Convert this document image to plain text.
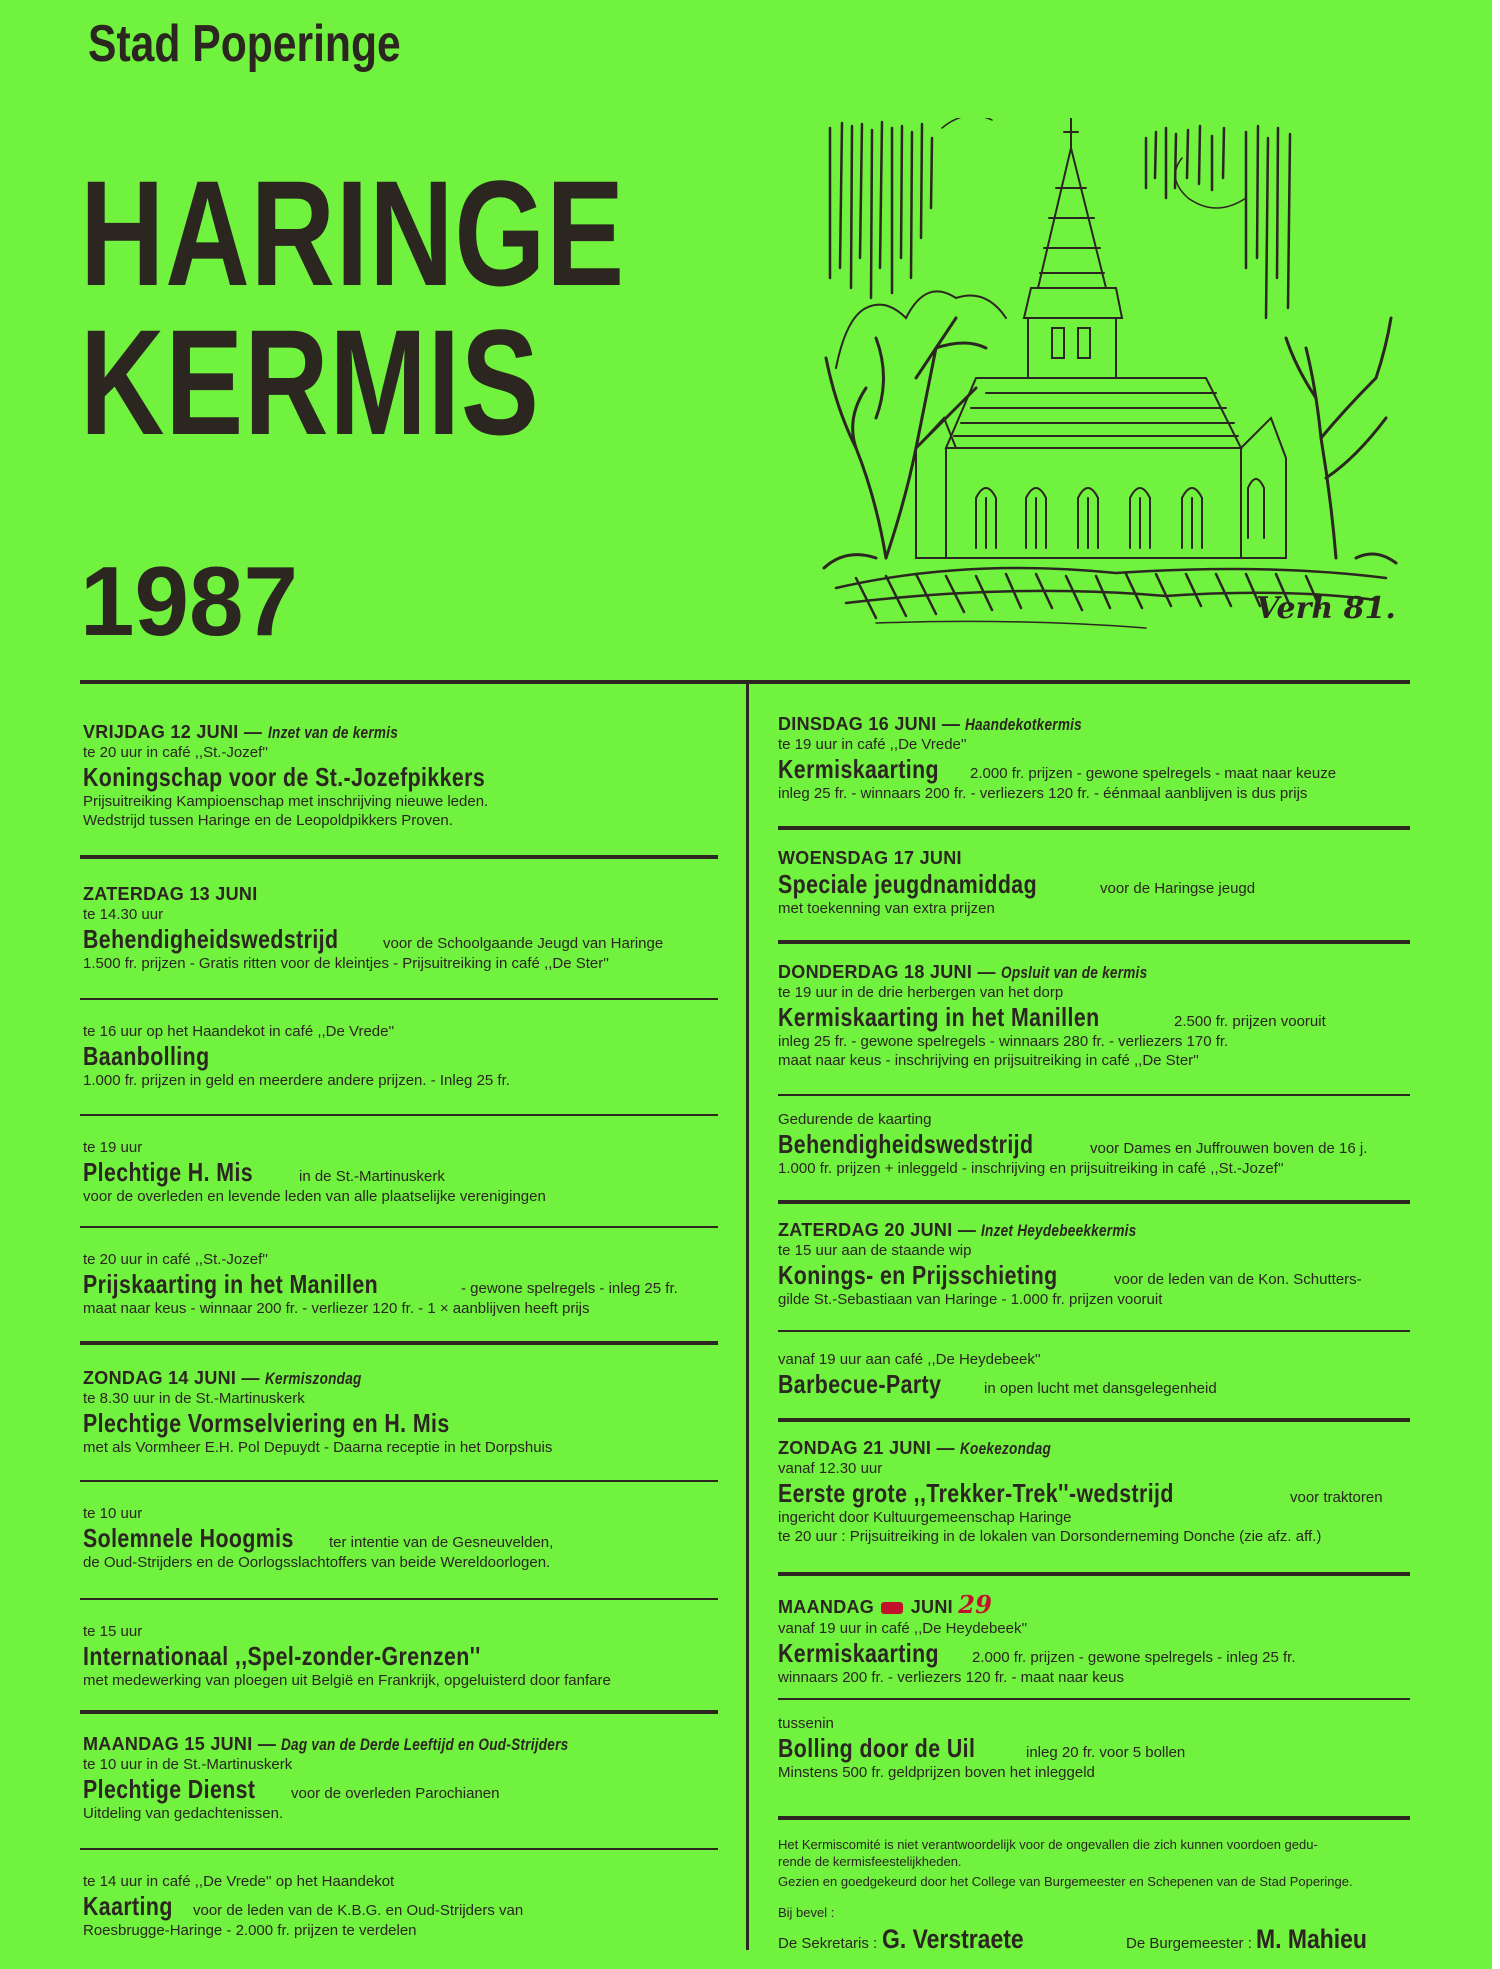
Stad Poperinge
HARINGE
KERMIS
1987	Verh 81.
VRIJDAG 12 JUNI — Inzet van de kermis
te 20 uur in café ,,St.-Jozef''
Koningschap voor de St.-Jozefpikkers
Prijsuitreiking Kampioenschap met inschrijving nieuwe leden.
Wedstrijd tussen Haringe en de Leopoldpikkers Proven.
ZATERDAG 13 JUNI
te 14.30 uur
Behendigheidswedstrijd	voor de Schoolgaande Jeugd van Haringe
1.500 fr. prijzen - Gratis ritten voor de kleintjes - Prijsuitreiking in café ,,De Ster''
te 16 uur op het Haandekot in café ,,De Vrede''
Baanbolling
1.000 fr. prijzen in geld en meerdere andere prijzen. - Inleg 25 fr.
te 19 uur
Plechtige H. Mis	in de St.-Martinuskerk
voor de overleden en levende leden van alle plaatselijke verenigingen
te 20 uur in café ,,St.-Jozef''
Prijskaarting in het Manillen	- gewone spelregels - inleg 25 fr.
maat naar keus - winnaar 200 fr. - verliezer 120 fr. - 1 × aanblijven heeft prijs
ZONDAG 14 JUNI — Kermiszondag
te 8.30 uur in de St.-Martinuskerk
Plechtige Vormselviering en H. Mis
met als Vormheer E.H. Pol Depuydt - Daarna receptie in het Dorpshuis
te 10 uur
Solemnele Hoogmis ter intentie van de Gesneuvelden,
de Oud-Strijders en de Oorlogsslachtoffers van beide Wereldoorlogen.
te 15 uur
Internationaal ,,Spel-zonder-Grenzen''
met medewerking van ploegen uit België en Frankrijk, opgeluisterd door fanfare
MAANDAG 15 JUNI — Dag van de Derde Leeftijd en Oud-Strijders
te 10 uur in de St.-Martinuskerk
Plechtige Dienst voor de overleden Parochianen
Uitdeling van gedachtenissen.
te 14 uur in café ,,De Vrede'' op het Haandekot
Kaarting voor de leden van de K.B.G. en Oud-Strijders van
Roesbrugge-Haringe - 2.000 fr. prijzen te verdelen
DINSDAG 16 JUNI — Haandekotkermis
te 19 uur in café ,,De Vrede''
Kermiskaarting 2.000 fr. prijzen - gewone spelregels - maat naar keuze
inleg 25 fr. - winnaars 200 fr. - verliezers 120 fr. - éénmaal aanblijven is dus prijs
WOENSDAG 17 JUNI
Speciale jeugdnamiddag	voor de Haringse jeugd
met toekenning van extra prijzen
DONDERDAG 18 JUNI — Opsluit van de kermis
te 19 uur in de drie herbergen van het dorp
Kermiskaarting in het Manillen	2.500 fr. prijzen vooruit
inleg 25 fr. - gewone spelregels - winnaars 280 fr. - verliezers 170 fr.
maat naar keus - inschrijving en prijsuitreiking in café ,,De Ster''
Gedurende de kaarting
Behendigheidswedstrijd	voor Dames en Juffrouwen boven de 16 j.
1.000 fr. prijzen + inleggeld - inschrijving en prijsuitreiking in café ,,St.-Jozef''
ZATERDAG 20 JUNI — Inzet Heydebeekkermis
te 15 uur aan de staande wip
Konings- en Prijsschieting	voor de leden van de Kon. Schutters-
gilde St.-Sebastiaan van Haringe - 1.000 fr. prijzen vooruit
vanaf 19 uur aan café ,,De Heydebeek''
Barbecue-Party	in open lucht met dansgelegenheid
ZONDAG 21 JUNI — Koekezondag
vanaf 12.30 uur
Eerste grote ,,Trekker-Trek''-wedstrijd	voor traktoren
ingericht door Kultuurgemeenschap Haringe
te 20 uur : Prijsuitreiking in de lokalen van Dorsonderneming Donche (zie afz. aff.)
MAANDAG JUNI 29
vanaf 19 uur in café ,,De Heydebeek''
Kermiskaarting 2.000 fr. prijzen - gewone spelregels - inleg 25 fr.
winnaars 200 fr. - verliezers 120 fr. - maat naar keus
tussenin
Bolling door de Uil	inleg 20 fr. voor 5 bollen
Minstens 500 fr. geldprijzen boven het inleggeld
Het Kermiscomité is niet verantwoordelijk voor de ongevallen die zich kunnen voordoen gedu-
rende de kermisfeestelijkheden.
Gezien en goedgekeurd door het College van Burgemeester en Schepenen van de Stad Poperinge.
Bij bevel :
De Sekretaris : G. Verstraete	De Burgemeester : M. Mahieu
